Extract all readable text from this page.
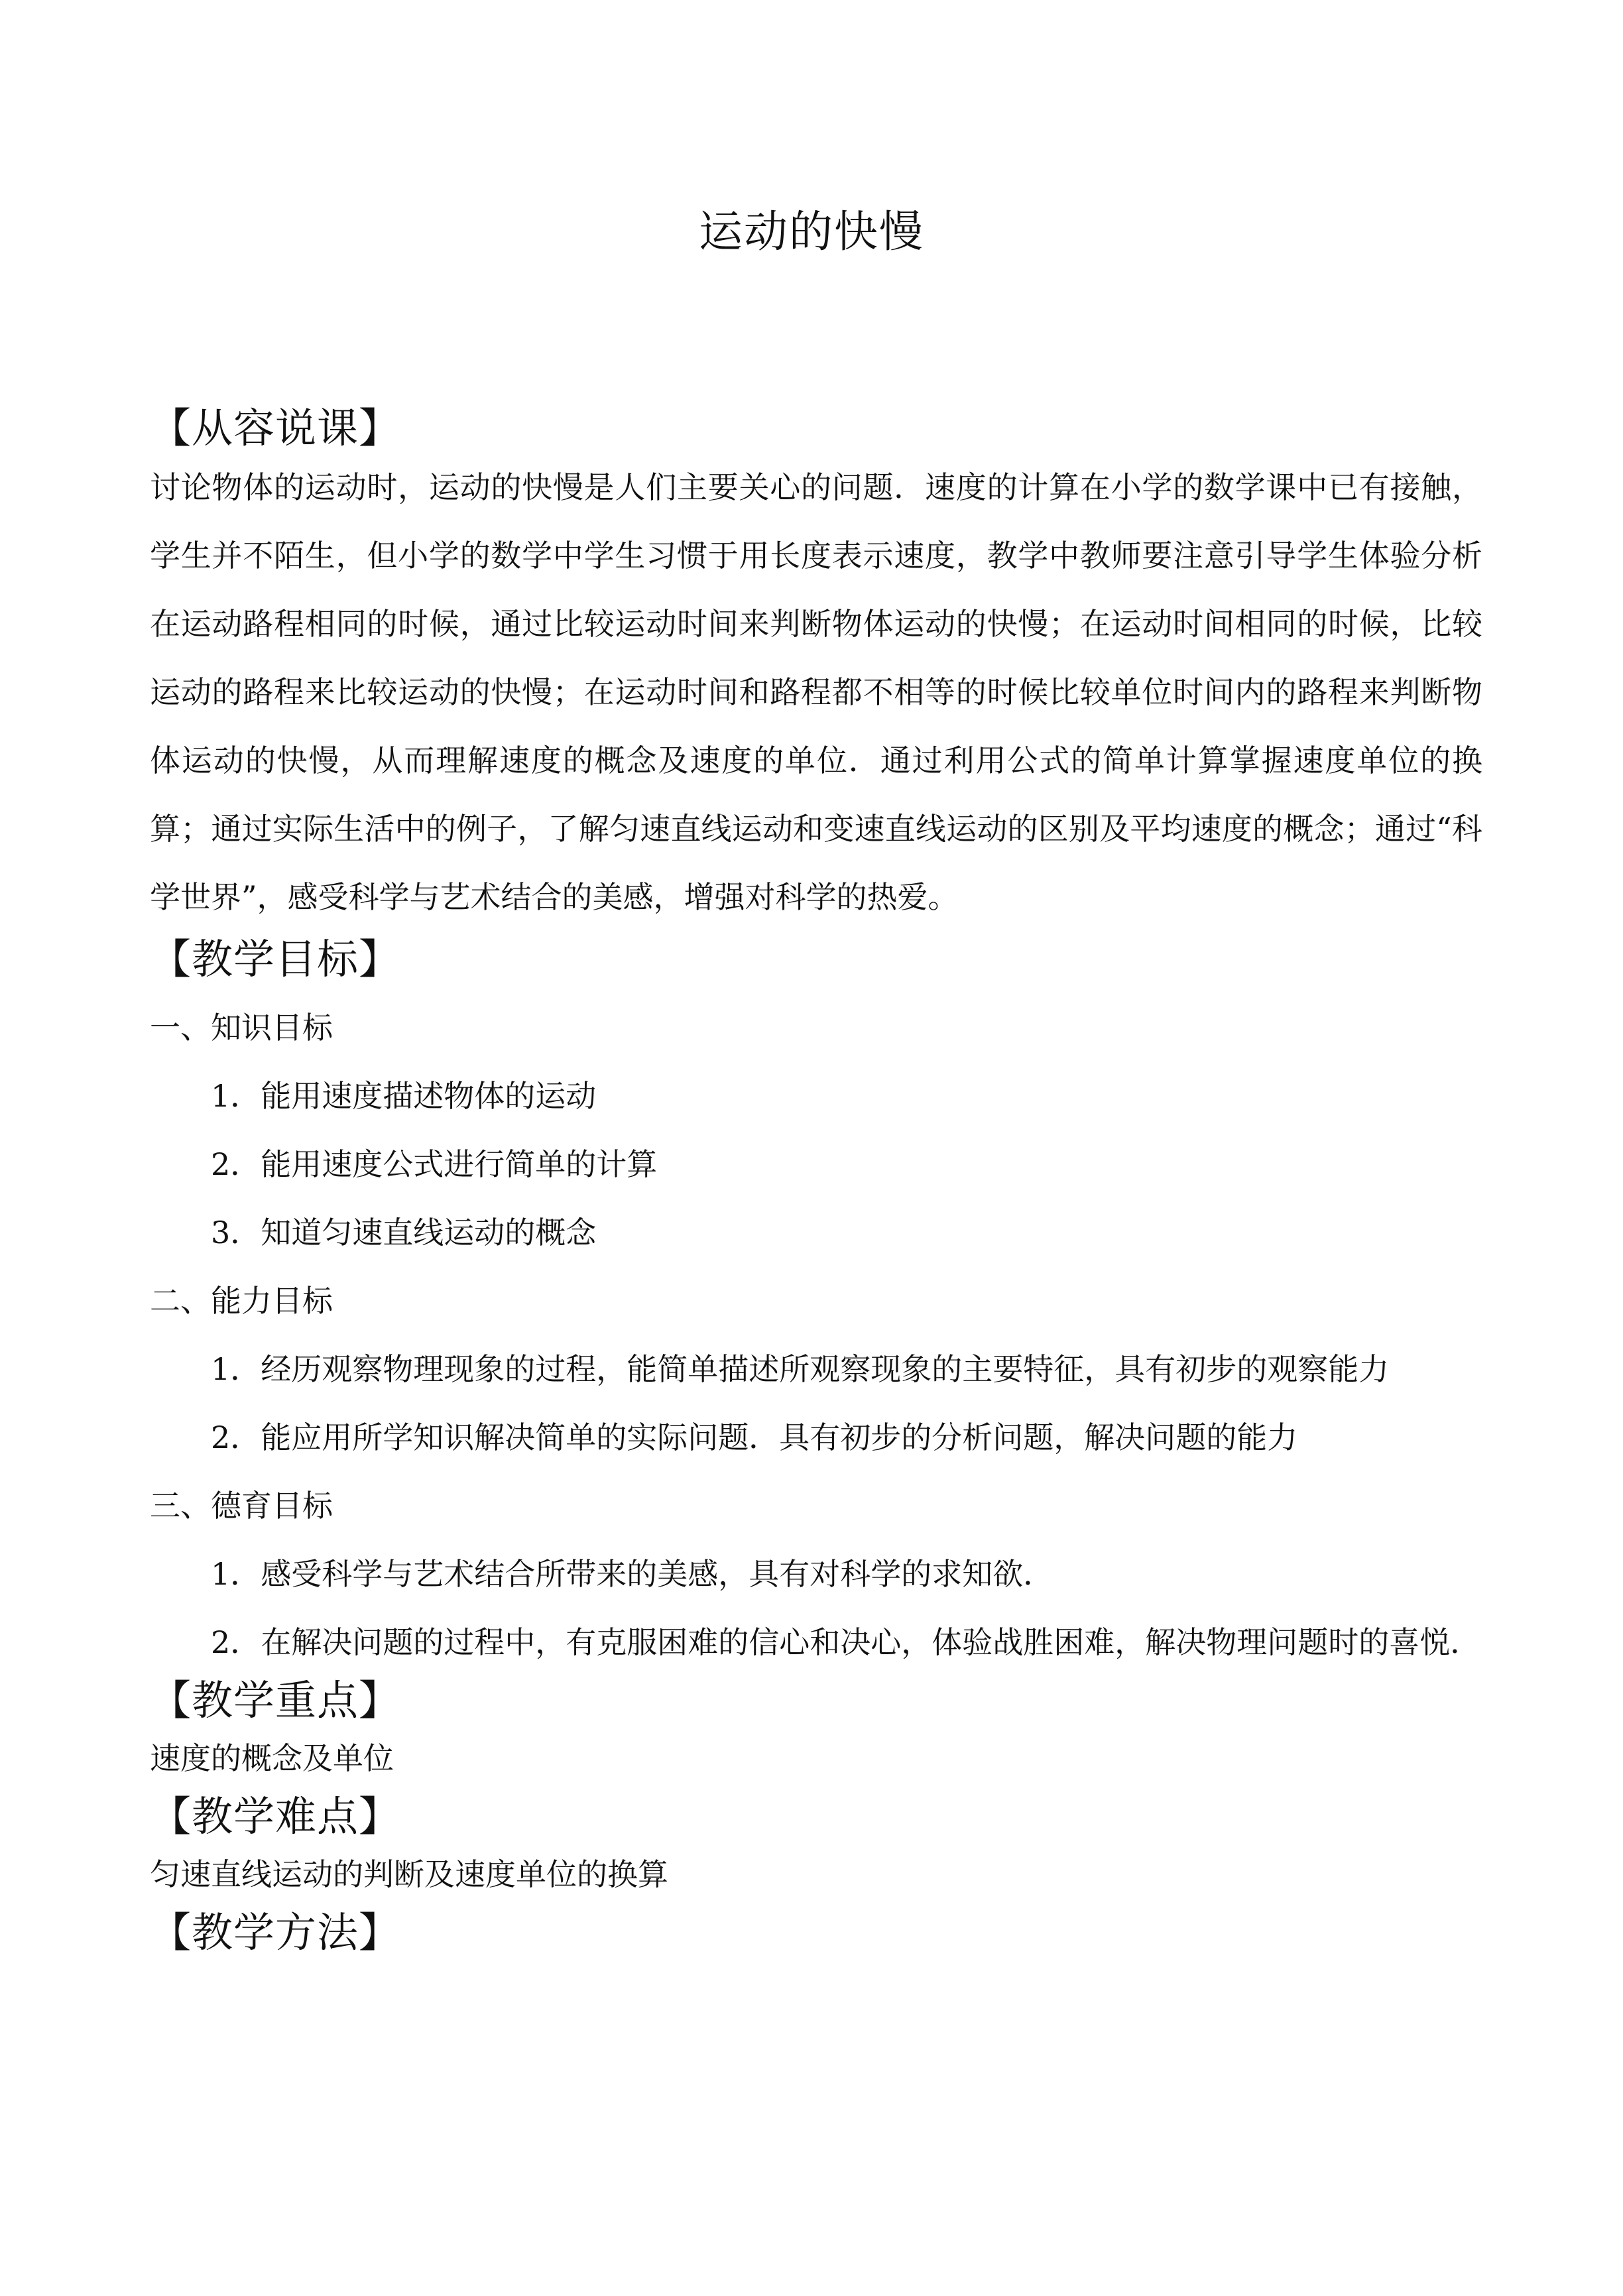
运动的快慢
【从容说课】
讨论物体的运动时，运动的快慢是人们主要关心的问题．速度的计算在小学的数学课中已有接触，学生并不陌生，但小学的数学中学生习惯于用长度表示速度，教学中教师要注意引导学生体验分析在运动路程相同的时候，通过比较运动时间来判断物体运动的快慢；在运动时间相同的时候，比较运动的路程来比较运动的快慢；在运动时间和路程都不相等的时候比较单位时间内的路程来判断物体运动的快慢，从而理解速度的概念及速度的单位．通过利用公式的简单计算掌握速度单位的换算；通过实际生活中的例子，了解匀速直线运动和变速直线运动的区别及平均速度的概念；通过“科学世界”，感受科学与艺术结合的美感，增强对科学的热爱。
【教学目标】
一、知识目标
1．能用速度描述物体的运动
2．能用速度公式进行简单的计算
3．知道匀速直线运动的概念
二、能力目标
1．经历观察物理现象的过程，能简单描述所观察现象的主要特征，具有初步的观察能力
2．能应用所学知识解决简单的实际问题．具有初步的分析问题，解决问题的能力
三、德育目标
1．感受科学与艺术结合所带来的美感，具有对科学的求知欲．
2．在解决问题的过程中，有克服困难的信心和决心，体验战胜困难，解决物理问题时的喜悦．
【教学重点】
速度的概念及单位
【教学难点】
匀速直线运动的判断及速度单位的换算
【教学方法】
